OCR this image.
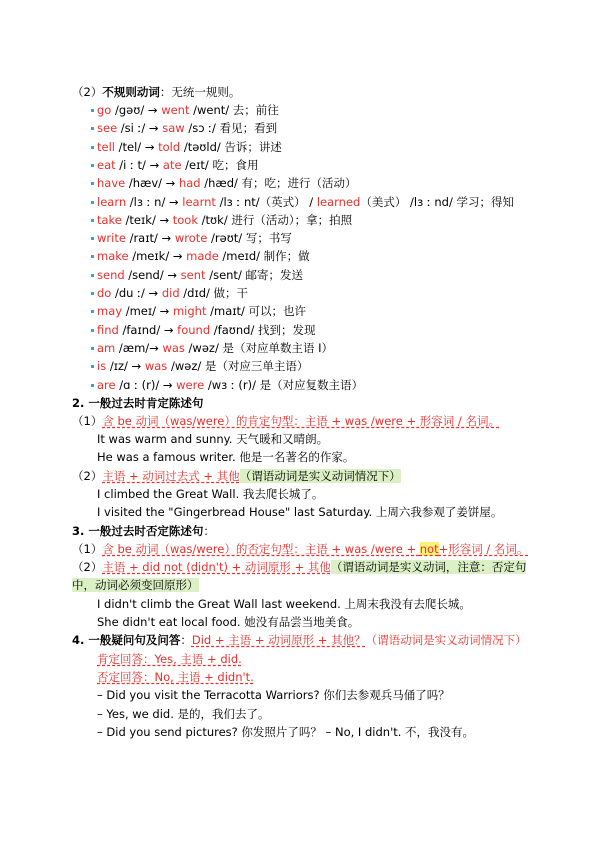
（2）不规则动词：无统一规则。
go /gəʊ/ → went /went/ 去；前往
see /si ː/ → saw /sɔ ː/ 看见；看到
tell /tel/ → told /təʊld/ 告诉；讲述
eat /i ː t/ → ate /eɪt/ 吃；食用
have /hæv/ → had /hæd/ 有；吃；进行（活动）
learn /lɜ ː n/ → learnt /lɜ ː nt/（英式） / learned（美式） /lɜ ː nd/ 学习；得知
take /teɪk/ → took /tʊk/ 进行（活动）；拿；拍照
write /raɪt/ → wrote /rəʊt/ 写；书写
make /meɪk/ → made /meɪd/ 制作；做
send /send/ → sent /sent/ 邮寄；发送
do /du ː/ → did /dɪd/ 做；干
may /meɪ/ → might /maɪt/ 可以；也许
find /faɪnd/ → found /faʊnd/ 找到；发现
am /æm/→ was /wəz/ 是（对应单数主语 I）
is /ɪz/ → was /wəz/ 是（对应三单主语）
are /ɑ ː (r)/ → were /wɜ ː (r)/ 是（对应复数主语）
2. 一般过去时肯定陈述句
（1）含 be 动词（was/were）的肯定句型：主语 + was /were + 形容词 / 名词。
It was warm and sunny. 天气暖和又晴朗。
He was a famous writer. 他是一名著名的作家。
（2）主语 + 动词过去式 + 其他（谓语动词是实义动词情况下）
I climbed the Great Wall. 我去爬长城了。
I visited the "Gingerbread House" last Saturday. 上周六我参观了姜饼屋。
3. 一般过去时否定陈述句：
（1）含 be 动词（was/were）的否定句型：主语 + was /were + not+形容词 / 名词。
（2）主语 + did not (didn't) + 动词原形 + 其他（谓语动词是实义动词，注意：否定句
中，动词必须变回原形）
I didn't climb the Great Wall last weekend. 上周末我没有去爬长城。
She didn't eat local food. 她没有品尝当地美食。
4. 一般疑问句及问答：Did + 主语 + 动词原形 + 其他？（谓语动词是实义动词情况下）
肯定回答：Yes, 主语 + did.
否定回答：No, 主语 + didn't.
– Did you visit the Terracotta Warriors? 你们去参观兵马俑了吗？
– Yes, we did. 是的，我们去了。
– Did you send pictures? 你发照片了吗？ – No, I didn't. 不，我没有。
